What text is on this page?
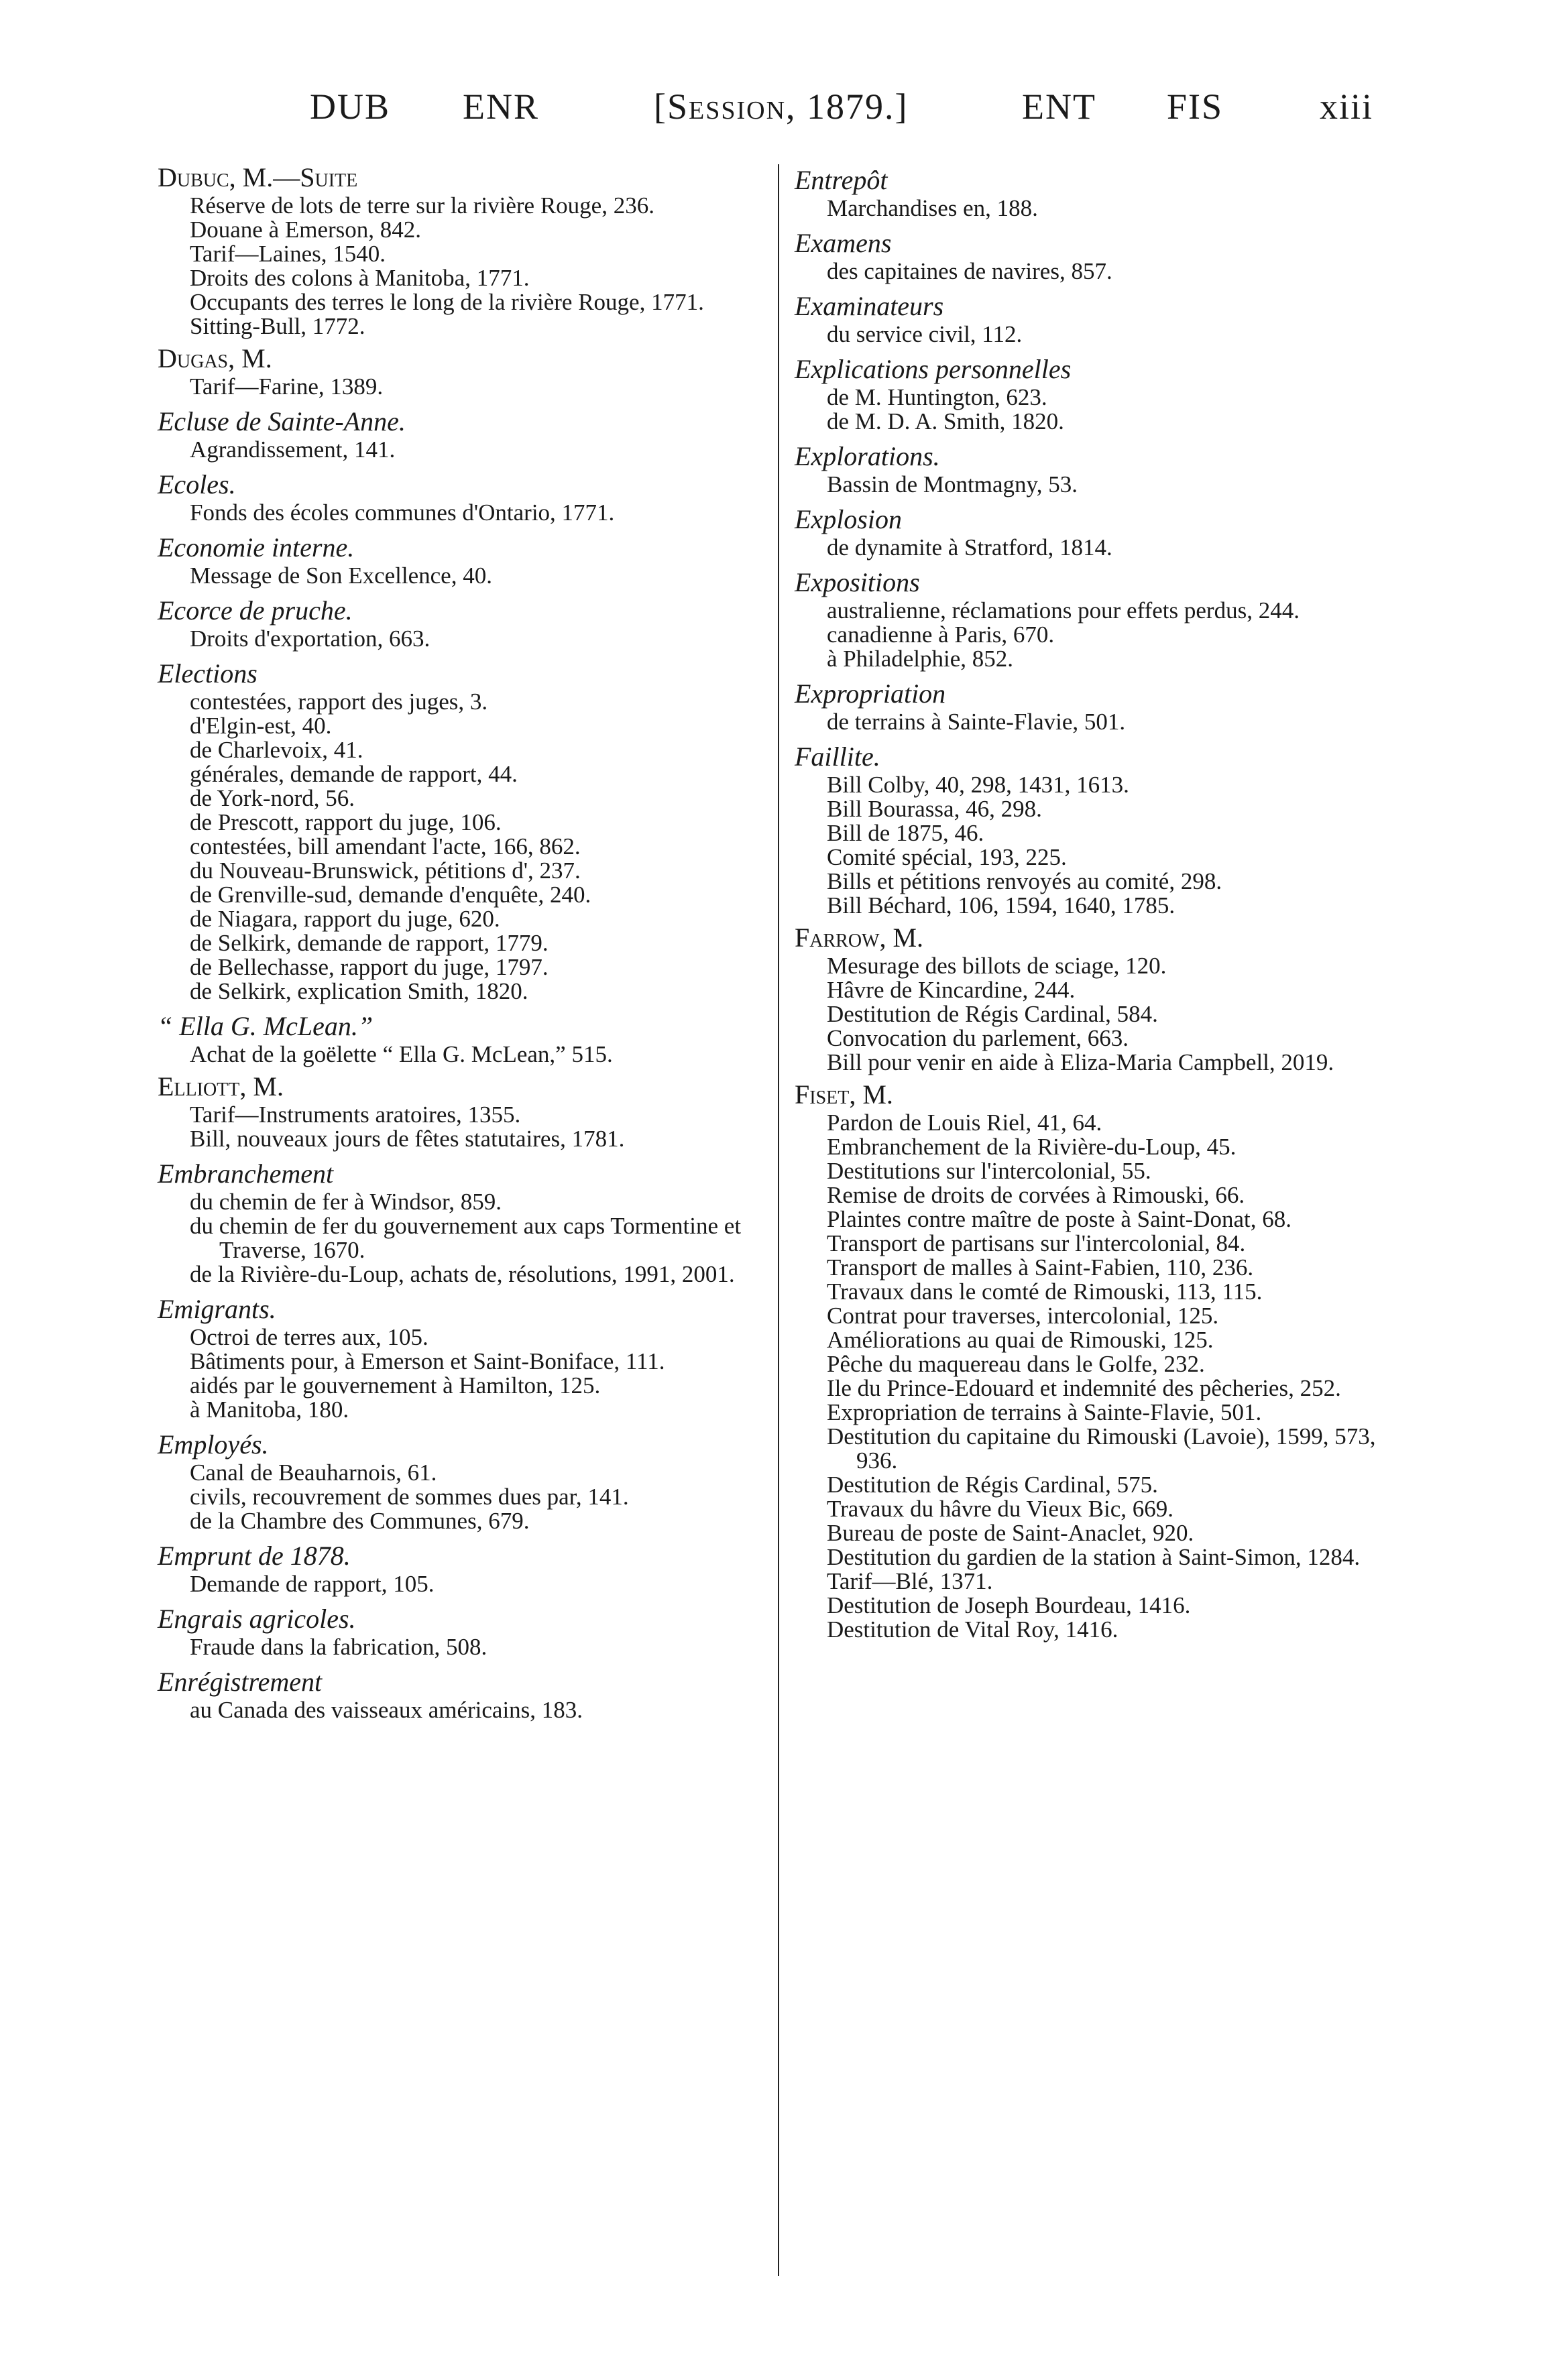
DUB ENR	[Session, 1879.]	ENT FIS	xiii
Dubuc, M.—Suite
Réserve de lots de terre sur la rivière Rouge, 236.
Douane à Emerson, 842.
Tarif—Laines, 1540.
Droits des colons à Manitoba, 1771.
Occupants des terres le long de la rivière Rouge, 1771.
Sitting-Bull, 1772.
Dugas, M.
Tarif—Farine, 1389.
Ecluse de Sainte-Anne.
Agrandissement, 141.
Ecoles.
Fonds des écoles communes d'Ontario, 1771.
Economie interne.
Message de Son Excellence, 40.
Ecorce de pruche.
Droits d'exportation, 663.
Elections
contestées, rapport des juges, 3.
d'Elgin-est, 40.
de Charlevoix, 41.
générales, demande de rapport, 44.
de York-nord, 56.
de Prescott, rapport du juge, 106.
contestées, bill amendant l'acte, 166, 862.
du Nouveau-Brunswick, pétitions d', 237.
de Grenville-sud, demande d'enquête, 240.
de Niagara, rapport du juge, 620.
de Selkirk, demande de rapport, 1779.
de Bellechasse, rapport du juge, 1797.
de Selkirk, explication Smith, 1820.
“ Ella G. McLean.”
Achat de la goëlette “ Ella G. McLean,” 515.
Elliott, M.
Tarif—Instruments aratoires, 1355.
Bill, nouveaux jours de fêtes statutaires, 1781.
Embranchement
du chemin de fer à Windsor, 859.
du chemin de fer du gouvernement aux caps Tormentine et Traverse, 1670.
de la Rivière-du-Loup, achats de, résolutions, 1991, 2001.
Emigrants.
Octroi de terres aux, 105.
Bâtiments pour, à Emerson et Saint-Boniface, 111.
aidés par le gouvernement à Hamilton, 125.
à Manitoba, 180.
Employés.
Canal de Beauharnois, 61.
civils, recouvrement de sommes dues par, 141.
de la Chambre des Communes, 679.
Emprunt de 1878.
Demande de rapport, 105.
Engrais agricoles.
Fraude dans la fabrication, 508.
Enrégistrement
au Canada des vaisseaux américains, 183.
Entrepôt
Marchandises en, 188.
Examens
des capitaines de navires, 857.
Examinateurs
du service civil, 112.
Explications personnelles
de M. Huntington, 623.
de M. D. A. Smith, 1820.
Explorations.
Bassin de Montmagny, 53.
Explosion
de dynamite à Stratford, 1814.
Expositions
australienne, réclamations pour effets perdus, 244.
canadienne à Paris, 670.
à Philadelphie, 852.
Expropriation
de terrains à Sainte-Flavie, 501.
Faillite.
Bill Colby, 40, 298, 1431, 1613.
Bill Bourassa, 46, 298.
Bill de 1875, 46.
Comité spécial, 193, 225.
Bills et pétitions renvoyés au comité, 298.
Bill Béchard, 106, 1594, 1640, 1785.
Farrow, M.
Mesurage des billots de sciage, 120.
Hâvre de Kincardine, 244.
Destitution de Régis Cardinal, 584.
Convocation du parlement, 663.
Bill pour venir en aide à Eliza-Maria Campbell, 2019.
Fiset, M.
Pardon de Louis Riel, 41, 64.
Embranchement de la Rivière-du-Loup, 45.
Destitutions sur l'intercolonial, 55.
Remise de droits de corvées à Rimouski, 66.
Plaintes contre maître de poste à Saint-Donat, 68.
Transport de partisans sur l'intercolonial, 84.
Transport de malles à Saint-Fabien, 110, 236.
Travaux dans le comté de Rimouski, 113, 115.
Contrat pour traverses, intercolonial, 125.
Améliorations au quai de Rimouski, 125.
Pêche du maquereau dans le Golfe, 232.
Ile du Prince-Edouard et indemnité des pêcheries, 252.
Expropriation de terrains à Sainte-Flavie, 501.
Destitution du capitaine du Rimouski (Lavoie), 1599, 573, 936.
Destitution de Régis Cardinal, 575.
Travaux du hâvre du Vieux Bic, 669.
Bureau de poste de Saint-Anaclet, 920.
Destitution du gardien de la station à Saint-Simon, 1284.
Tarif—Blé, 1371.
Destitution de Joseph Bourdeau, 1416.
Destitution de Vital Roy, 1416.
